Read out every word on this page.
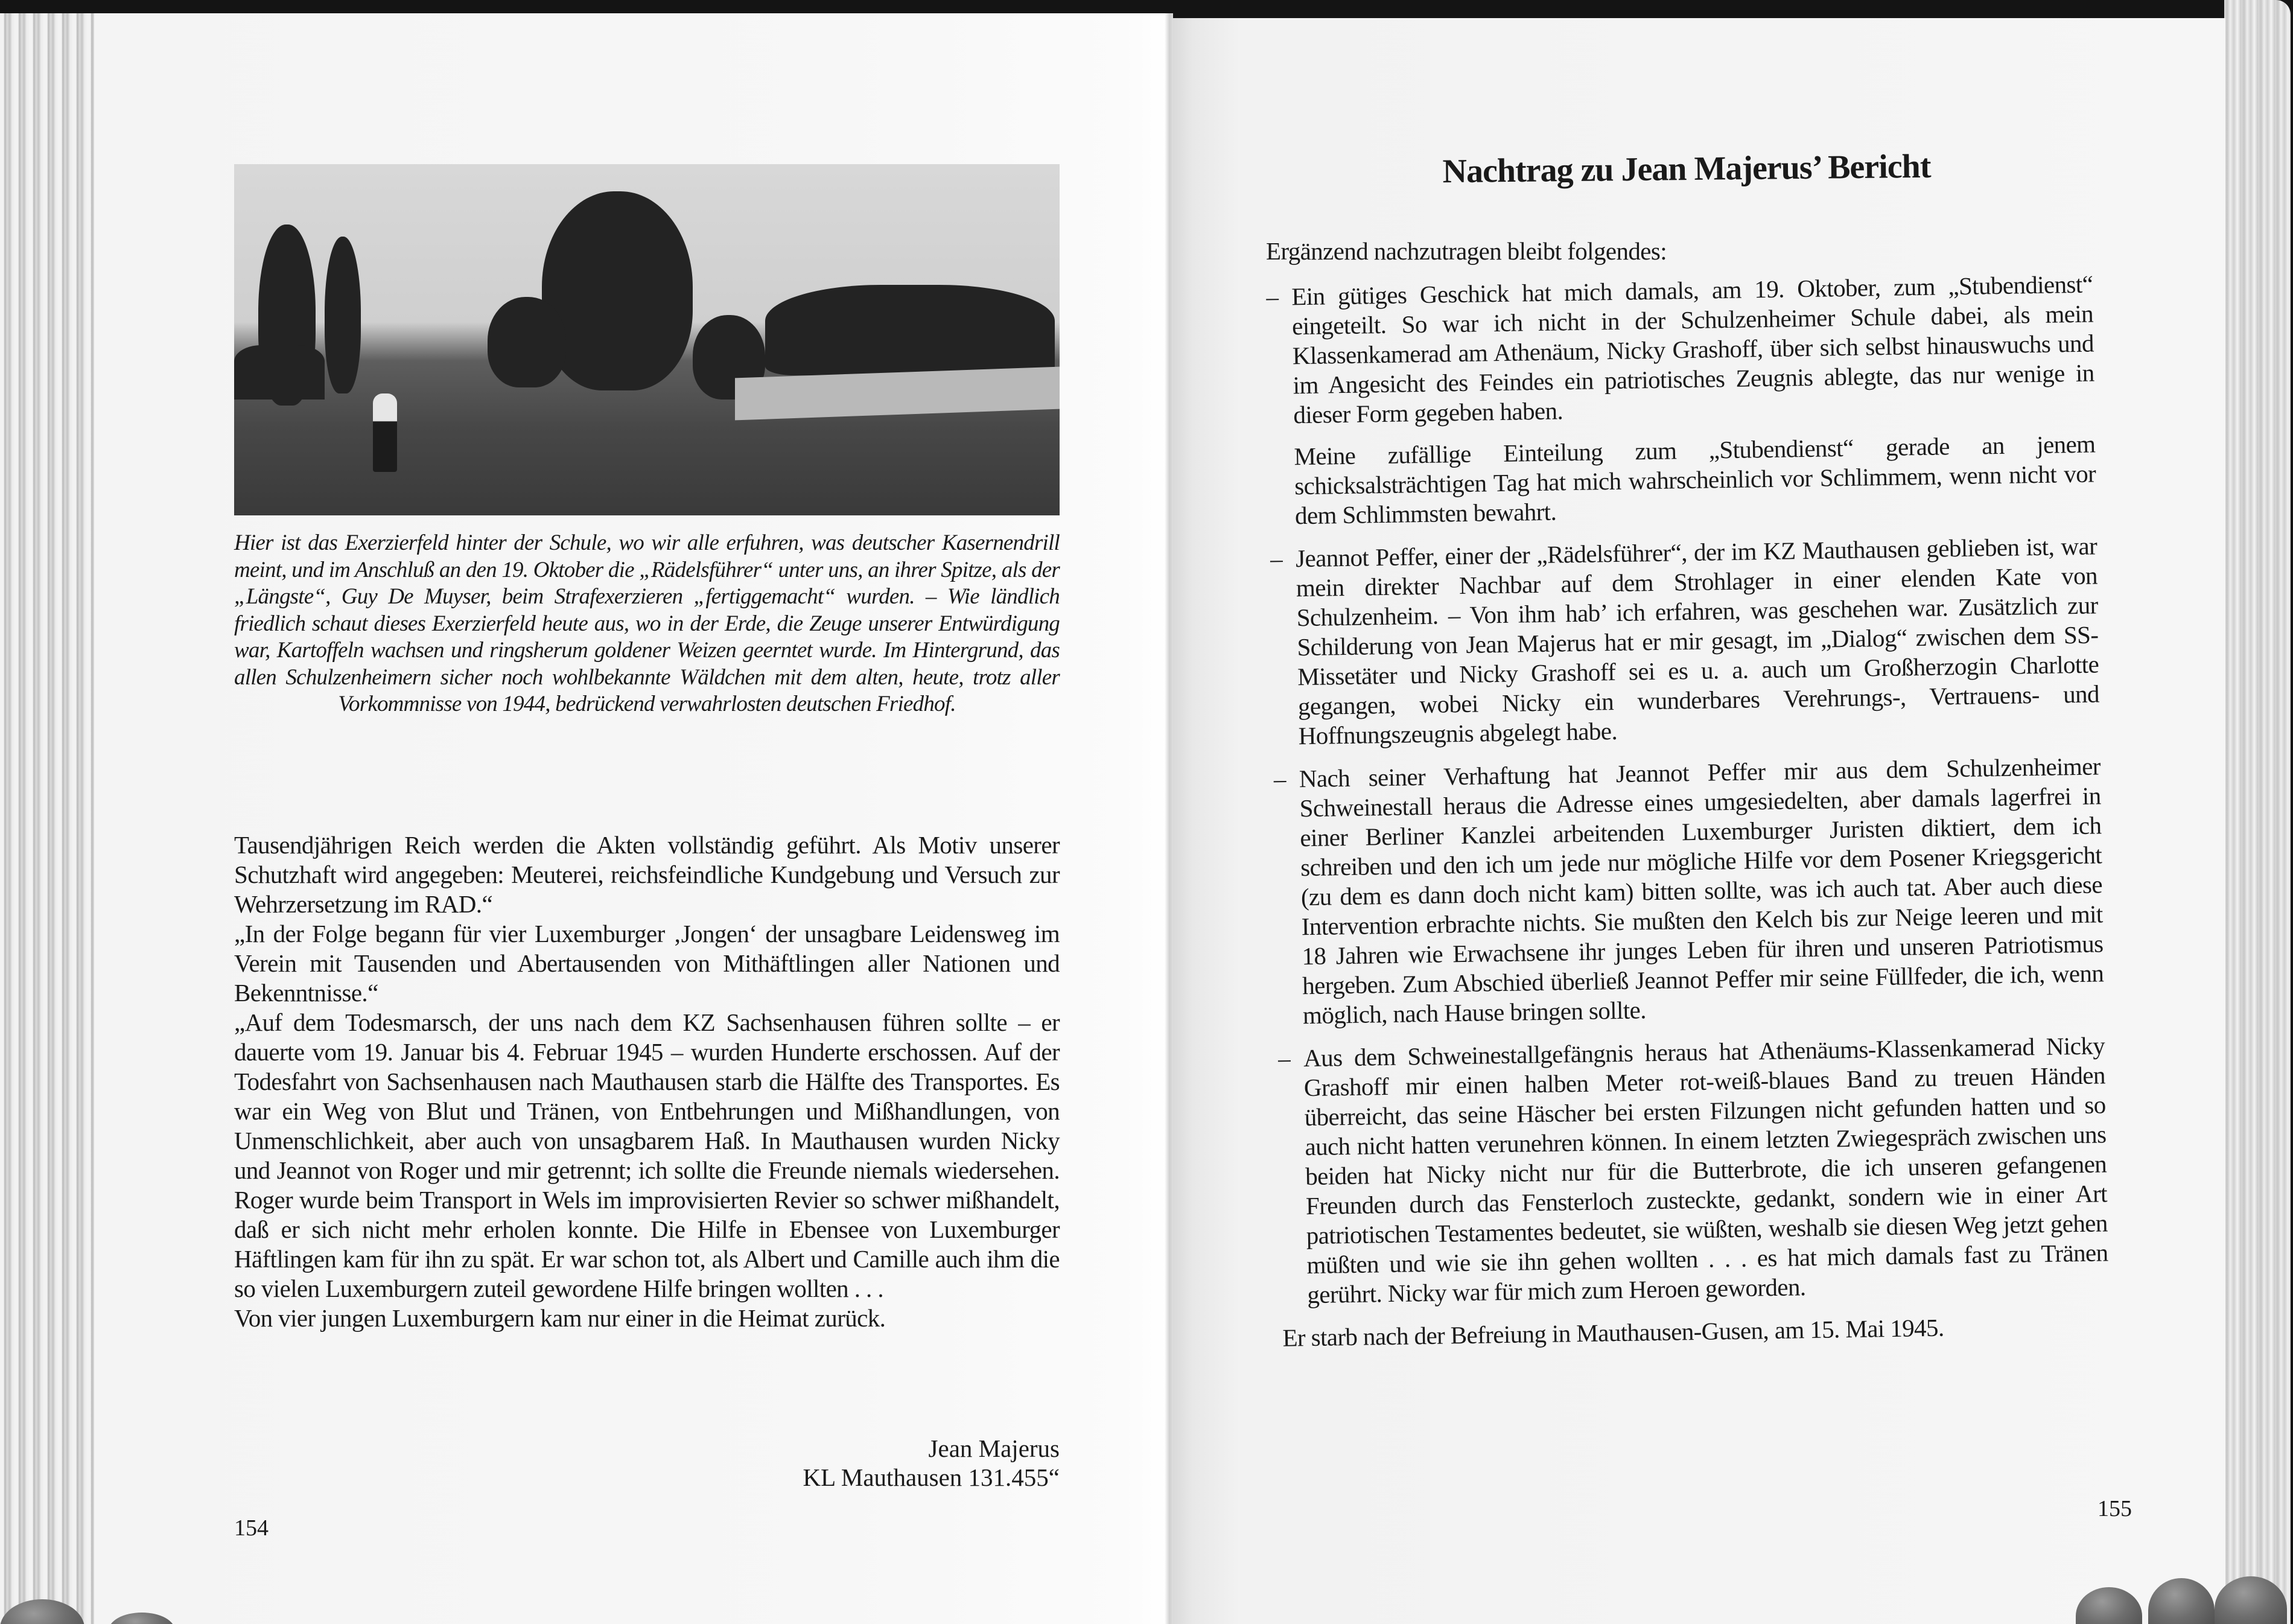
Hier ist das Exerzierfeld hinter der Schule, wo wir alle erfuhren, was deutscher Kasernendrill meint, und im Anschluß an den 19. Oktober die „Rädelsführer“ unter uns, an ihrer Spitze, als der „Längste“, Guy De Muyser, beim Strafexerzieren „fertiggemacht“ wurden. – Wie ländlich friedlich schaut dieses Exerzierfeld heute aus, wo in der Erde, die Zeuge unserer Entwürdigung war, Kartoffeln wachsen und ringsherum goldener Weizen geerntet wurde. Im Hintergrund, das allen Schulzenheimern sicher noch wohlbekannte Wäldchen mit dem alten, heute, trotz aller Vorkommnisse von 1944, bedrückend verwahrlosten deutschen Friedhof.

Tausendjährigen Reich werden die Akten vollständig geführt. Als Motiv unserer Schutzhaft wird angegeben: Meuterei, reichsfeindliche Kundgebung und Versuch zur Wehrzersetzung im RAD.“

„In der Folge begann für vier Luxemburger ‚Jongen‘ der unsagbare Leidensweg im Verein mit Tausenden und Abertausenden von Mithäftlingen aller Nationen und Bekenntnisse.“

„Auf dem Todesmarsch, der uns nach dem KZ Sachsenhausen führen sollte – er dauerte vom 19. Januar bis 4. Februar 1945 – wurden Hunderte erschossen. Auf der Todesfahrt von Sachsenhausen nach Mauthausen starb die Hälfte des Transportes. Es war ein Weg von Blut und Tränen, von Entbehrungen und Mißhandlungen, von Unmenschlichkeit, aber auch von unsagbarem Haß. In Mauthausen wurden Nicky und Jeannot von Roger und mir getrennt; ich sollte die Freunde niemals wiedersehen. Roger wurde beim Transport in Wels im improvisierten Revier so schwer mißhandelt, daß er sich nicht mehr erholen konnte. Die Hilfe in Ebensee von Luxemburger Häftlingen kam für ihn zu spät. Er war schon tot, als Albert und Camille auch ihm die so vielen Luxemburgern zuteil gewordene Hilfe bringen wollten . . .

Von vier jungen Luxemburgern kam nur einer in die Heimat zurück.

Jean Majerus
KL Mauthausen 131.455“
154
Nachtrag zu Jean Majerus’ Bericht

Ergänzend nachzutragen bleibt folgendes:

– Ein gütiges Geschick hat mich damals, am 19. Oktober, zum „Stubendienst“ eingeteilt. So war ich nicht in der Schulzenheimer Schule dabei, als mein Klassenkamerad am Athenäum, Nicky Grashoff, über sich selbst hinauswuchs und im Angesicht des Feindes ein patriotisches Zeugnis ablegte, das nur wenige in dieser Form gegeben haben.

Meine zufällige Einteilung zum „Stubendienst“ gerade an jenem schicksalsträchtigen Tag hat mich wahrscheinlich vor Schlimmem, wenn nicht vor dem Schlimmsten bewahrt.

– Jeannot Peffer, einer der „Rädelsführer“, der im KZ Mauthausen geblieben ist, war mein direkter Nachbar auf dem Strohlager in einer elenden Kate von Schulzenheim. – Von ihm hab’ ich erfahren, was geschehen war. Zusätzlich zur Schilderung von Jean Majerus hat er mir gesagt, im „Dialog“ zwischen dem SS-Missetäter und Nicky Grashoff sei es u. a. auch um Großherzogin Charlotte gegangen, wobei Nicky ein wunderbares Verehrungs-, Vertrauens- und Hoffnungszeugnis abgelegt habe.

– Nach seiner Verhaftung hat Jeannot Peffer mir aus dem Schulzenheimer Schweinestall heraus die Adresse eines umgesiedelten, aber damals lagerfrei in einer Berliner Kanzlei arbeitenden Luxemburger Juristen diktiert, dem ich schreiben und den ich um jede nur mögliche Hilfe vor dem Posener Kriegsgericht (zu dem es dann doch nicht kam) bitten sollte, was ich auch tat. Aber auch diese Intervention erbrachte nichts. Sie mußten den Kelch bis zur Neige leeren und mit 18 Jahren wie Erwachsene ihr junges Leben für ihren und unseren Patriotismus hergeben. Zum Abschied überließ Jeannot Peffer mir seine Füllfeder, die ich, wenn möglich, nach Hause bringen sollte.

– Aus dem Schweinestallgefängnis heraus hat Athenäums-Klassenkamerad Nicky Grashoff mir einen halben Meter rot-weiß-blaues Band zu treuen Händen überreicht, das seine Häscher bei ersten Filzungen nicht gefunden hatten und so auch nicht hatten verunehren können. In einem letzten Zwiegespräch zwischen uns beiden hat Nicky nicht nur für die Butterbrote, die ich unseren gefangenen Freunden durch das Fensterloch zusteckte, gedankt, sondern wie in einer Art patriotischen Testamentes bedeutet, sie wüßten, weshalb sie diesen Weg jetzt gehen müßten und wie sie ihn gehen wollten . . . es hat mich damals fast zu Tränen gerührt. Nicky war für mich zum Heroen geworden.

Er starb nach der Befreiung in Mauthausen-Gusen, am 15. Mai 1945.

155
